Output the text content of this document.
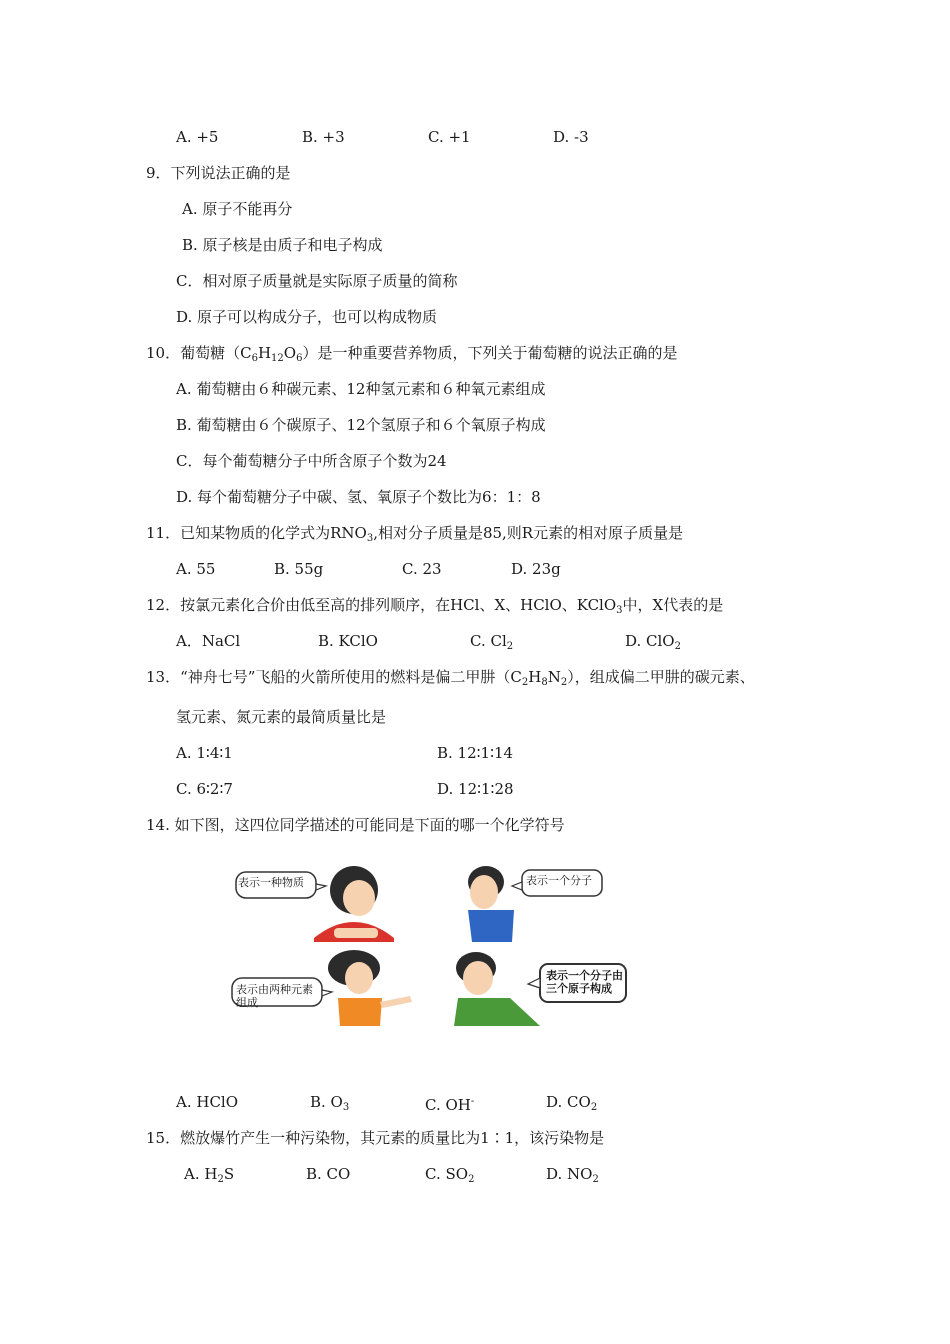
A. +5	B. +3	C. +1	D. -3
9．下列说法正确的是
A. 原子不能再分
B. 原子核是由质子和电子构成
C．相对原子质量就是实际原子质量的简称
D. 原子可以构成分子，也可以构成物质
10．葡萄糖$(C_6H_{12}O_6)$是一种重要营养物质，下列关于葡萄糖的说法正确的是
A. 葡萄糖由６种碳元素、12种氢元素和６种氧元素组成
B. 葡萄糖由６个碳原子、12个氢原子和６个氧原子构成
C．每个葡萄糖分子中所含原子个数为24
D. 每个葡萄糖分子中碳、氢、氧原子个数比为6：1：8
11．已知某物质的化学式为$RNO_3$,相对分子质量是85,则R元素的相对原子质量是
A. 55	B. 55g	C. 23	D. 23g
12．按氯元素化合价由低至高的排列顺序，在HCl、X、HClO、KClO$_3$中，X代表的是
A．NaCl	B. KClO	C. $Cl_2$	D. ClO$_2$
13．“神舟七号”飞船的火箭所使用的燃料是偏二甲肼$(C_2H_8N_2)$，组成偏二甲肼的碳元素、
氢元素、氮元素的最简质量比是
A. 1∶4∶1	B. 12∶1∶14
C. 6∶2∶7	D. 12∶1∶28
14. 如下图，这四位同学描述的可能同是下面的哪一个化学符号
表示一种物质	表示一个分子
表示由两种元素组成
表示一个分子由三个原子构成
A. HClO	B. $O_3$	C. OH-	D. $CO_2$
15．燃放爆竹产生一种污染物，其元素的质量比为1∶1，该污染物是
A. $H_2S$	B. CO	C. $SO_2$	D. $NO_2$
